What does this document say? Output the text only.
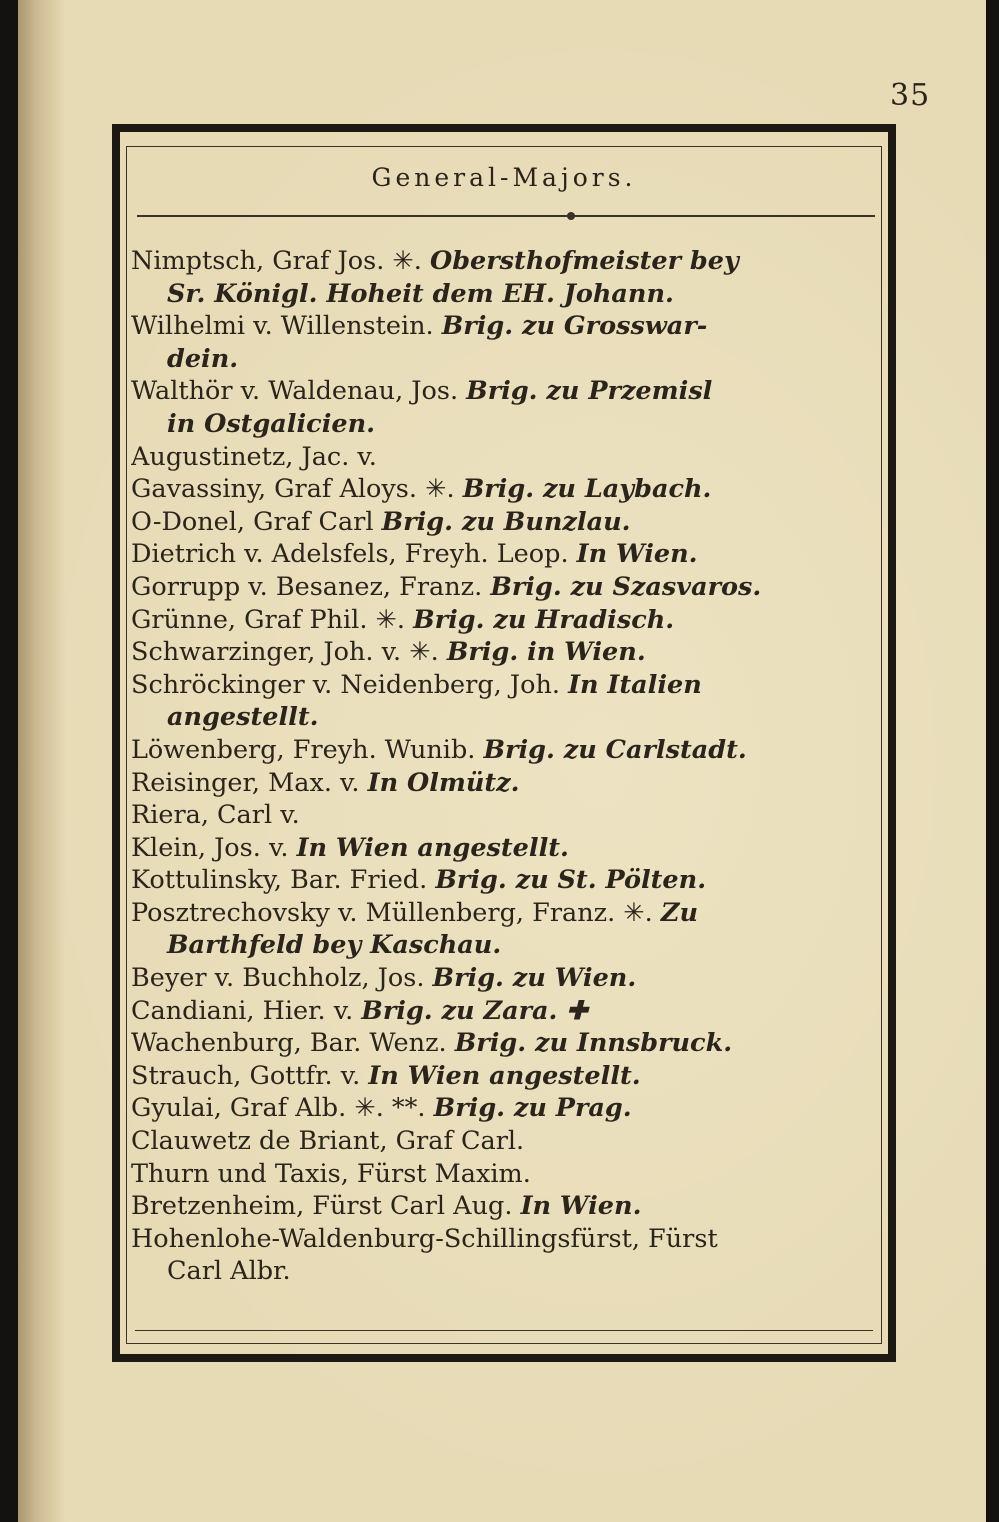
35
General-Majors.
Nimptsch, Graf Jos. ✳. Obersthofmeister bey
Sr. Königl. Hoheit dem EH. Johann.
Wilhelmi v. Willenstein. Brig. zu Grosswar-
dein.
Walthör v. Waldenau, Jos. Brig. zu Przemisl
in Ostgalicien.
Augustinetz, Jac. v.
Gavassiny, Graf Aloys. ✳. Brig. zu Laybach.
O-Donel, Graf Carl Brig. zu Bunzlau.
Dietrich v. Adelsfels, Freyh. Leop. In Wien.
Gorrupp v. Besanez, Franz. Brig. zu Szasvaros.
Grünne, Graf Phil. ✳. Brig. zu Hradisch.
Schwarzinger, Joh. v. ✳. Brig. in Wien.
Schröckinger v. Neidenberg, Joh. In Italien
angestellt.
Löwenberg, Freyh. Wunib. Brig. zu Carlstadt.
Reisinger, Max. v. In Olmütz.
Riera, Carl v.
Klein, Jos. v. In Wien angestellt.
Kottulinsky, Bar. Fried. Brig. zu St. Pölten.
Posztrechovsky v. Müllenberg, Franz. ✳. Zu
Barthfeld bey Kaschau.
Beyer v. Buchholz, Jos. Brig. zu Wien.
Candiani, Hier. v. Brig. zu Zara. ✚
Wachenburg, Bar. Wenz. Brig. zu Innsbruck.
Strauch, Gottfr. v. In Wien angestellt.
Gyulai, Graf Alb. ✳. **. Brig. zu Prag.
Clauwetz de Briant, Graf Carl.
Thurn und Taxis, Fürst Maxim.
Bretzenheim, Fürst Carl Aug. In Wien.
Hohenlohe-Waldenburg-Schillingsfürst, Fürst
Carl Albr.
